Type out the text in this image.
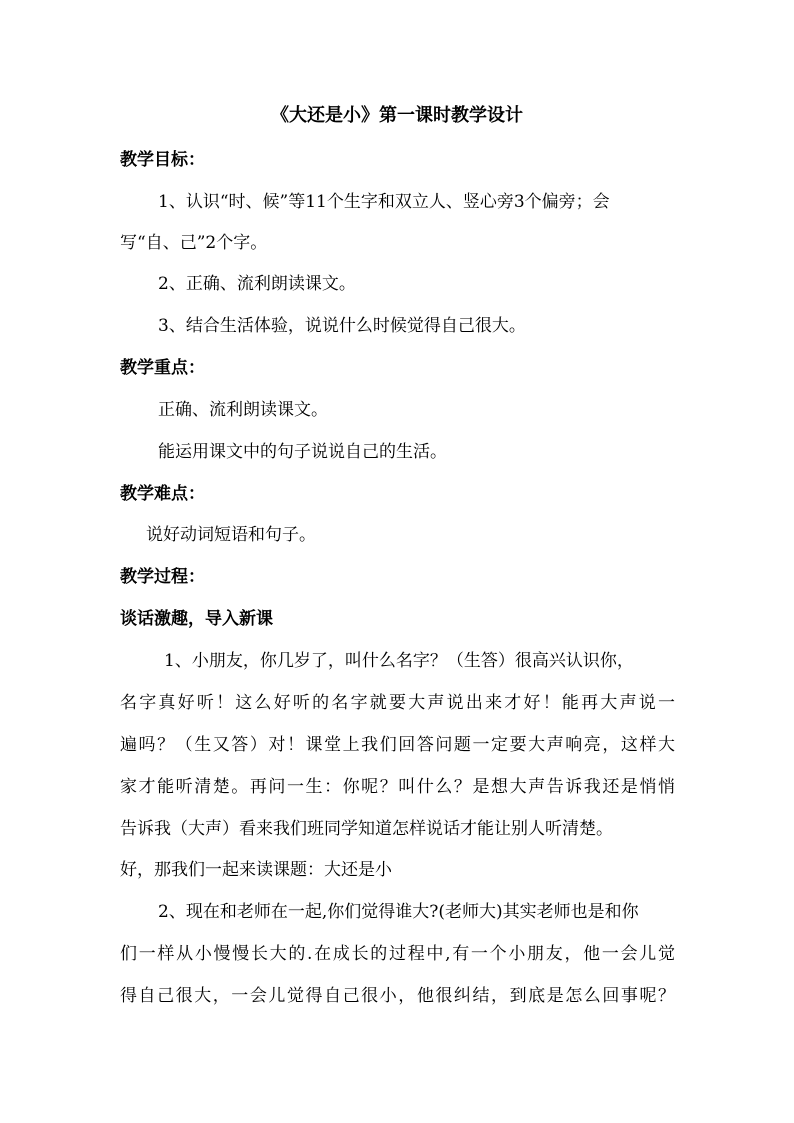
《大还是小》第一课时教学设计
教学目标：
1、认识“时、候”等11个生字和双立人、竖心旁3个偏旁；会
写“自、己”2个字。
2、正确、流利朗读课文。
3、结合生活体验，说说什么时候觉得自己很大。
教学重点：
正确、流利朗读课文。
能运用课文中的句子说说自己的生活。
教学难点：
说好动词短语和句子。
教学过程：
谈话激趣，导入新课
1、小朋友，你几岁了，叫什么名字？（生答）很高兴认识你，
名字真好听！这么好听的名字就要大声说出来才好！能再大声说一
遍吗？（生又答）对！课堂上我们回答问题一定要大声响亮，这样大
家才能听清楚。再问一生：你呢？叫什么？是想大声告诉我还是悄悄
告诉我（大声）看来我们班同学知道怎样说话才能让别人听清楚。
好，那我们一起来读课题：大还是小
2、现在和老师在一起,你们觉得谁大?(老师大)其实老师也是和你
们一样从小慢慢长大的.在成长的过程中,有一个小朋友，他一会儿觉
得自己很大，一会儿觉得自己很小，他很纠结，到底是怎么回事呢？
